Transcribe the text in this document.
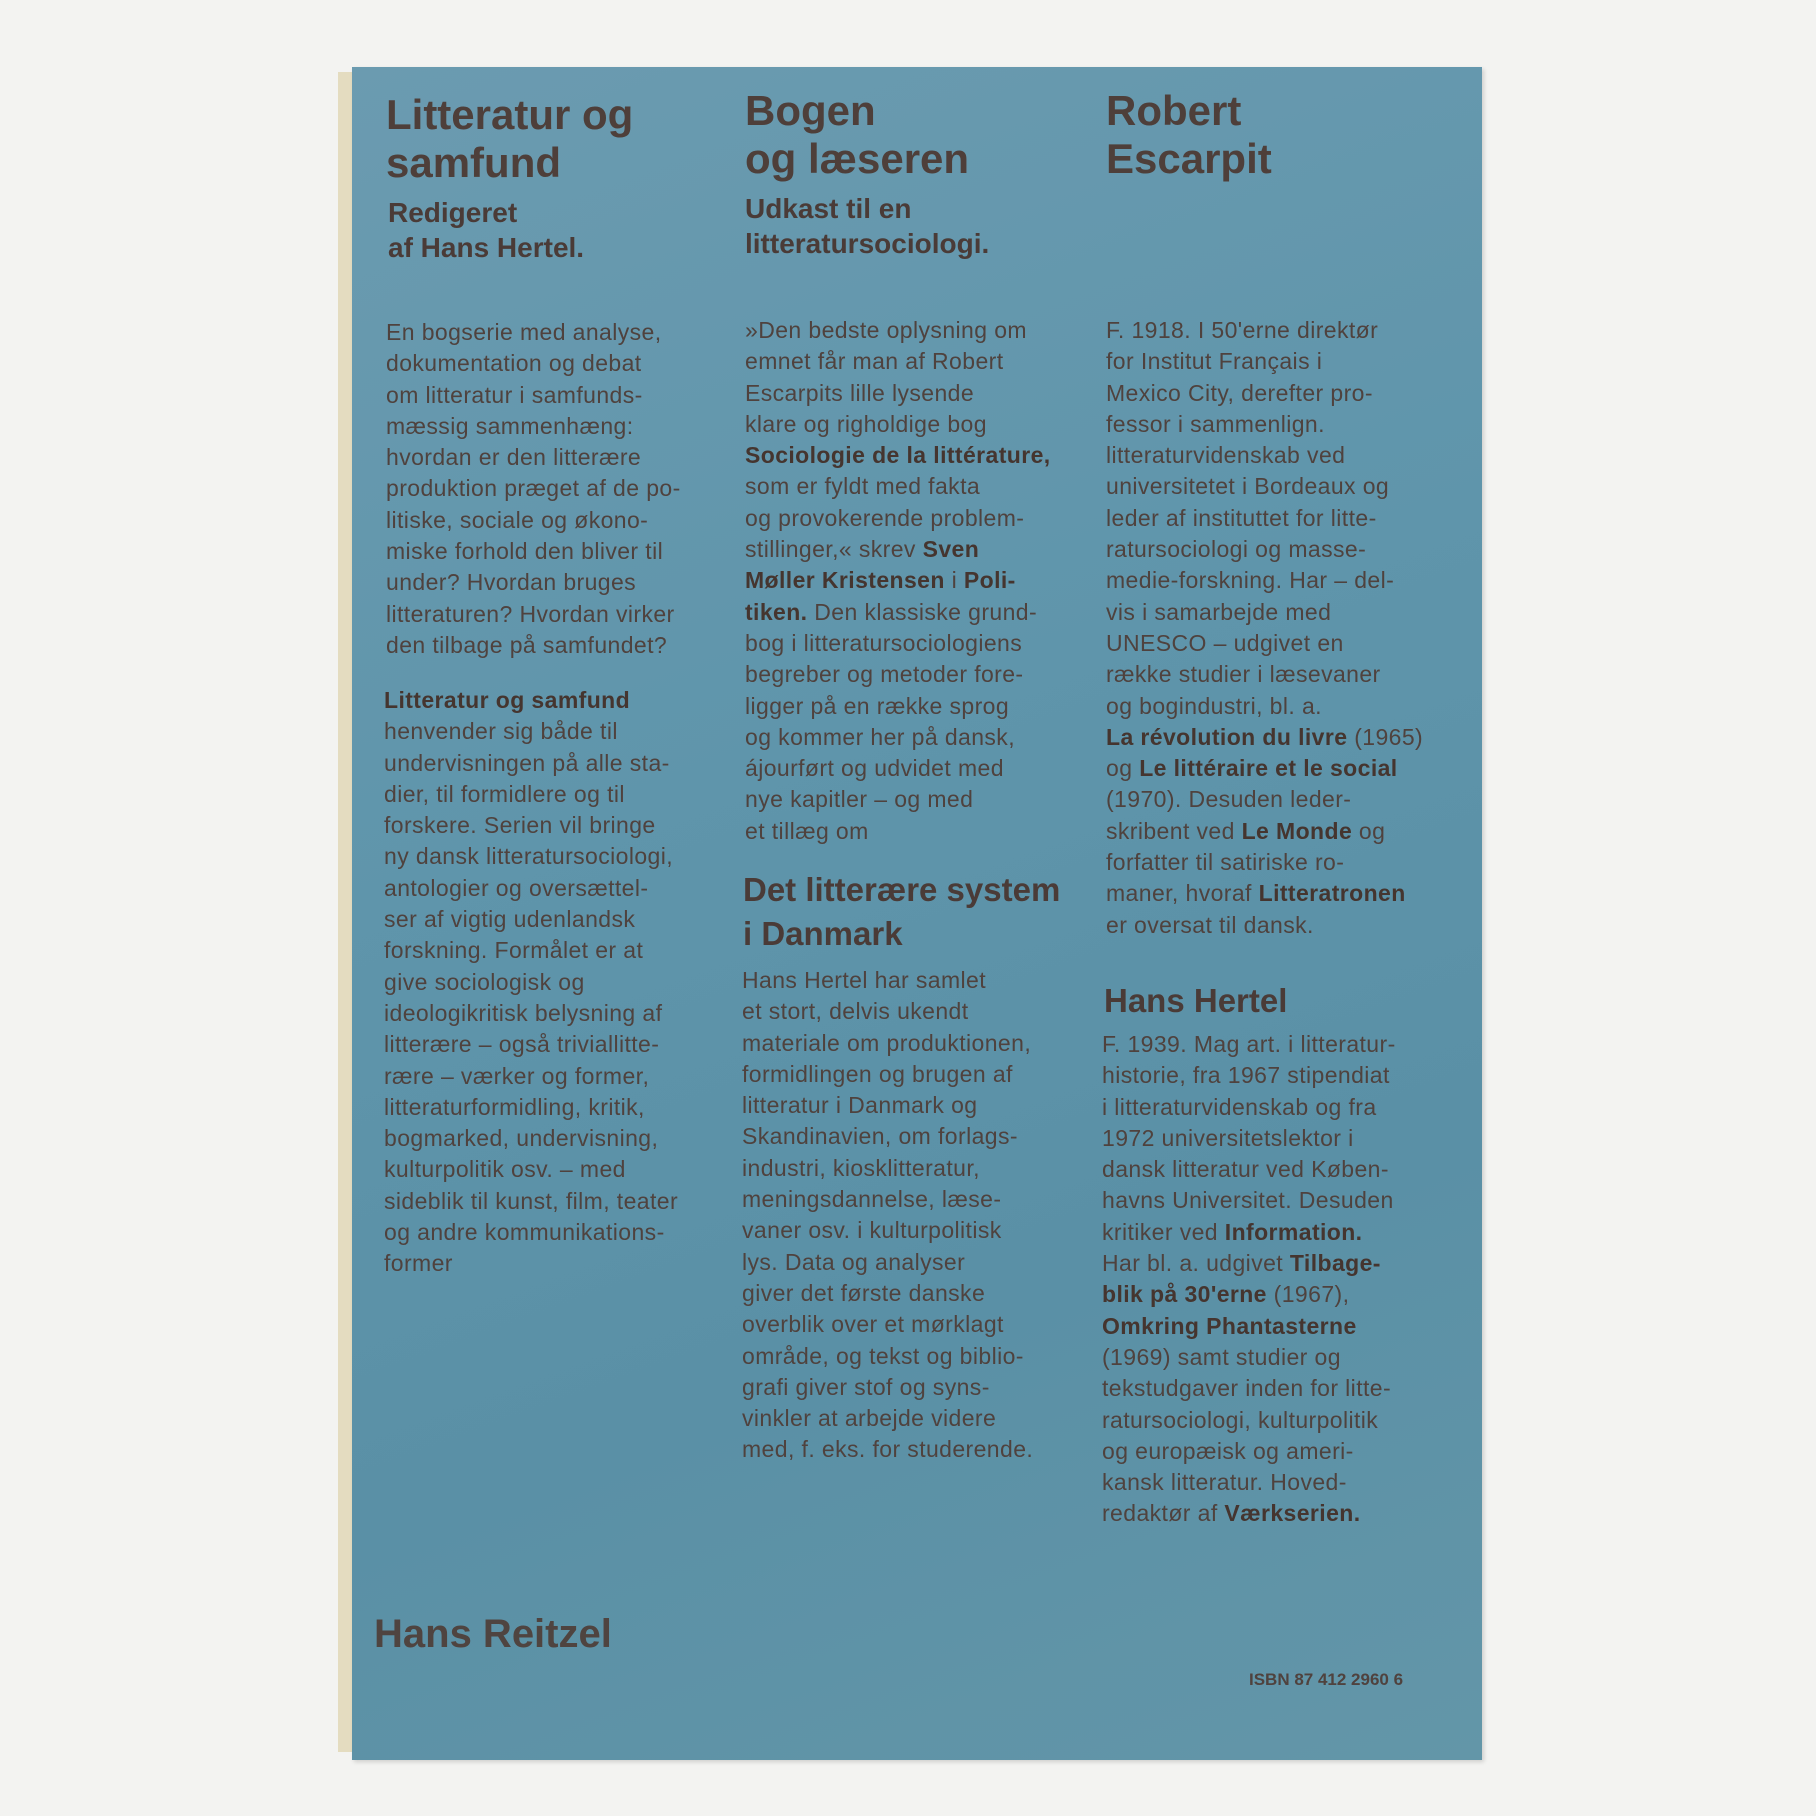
Litteratur og
samfund
Redigeret
af Hans Hertel.
En bogserie med analyse,
dokumentation og debat
om litteratur i samfunds-
mæssig sammenhæng:
hvordan er den litterære
produktion præget af de po-
litiske, sociale og økono-
miske forhold den bliver til
under? Hvordan bruges
litteraturen? Hvordan virker
den tilbage på samfundet?
Litteratur og samfund
henvender sig både til
undervisningen på alle sta-
dier, til formidlere og til
forskere. Serien vil bringe
ny dansk litteratursociologi,
antologier og oversættel-
ser af vigtig udenlandsk
forskning. Formålet er at
give sociologisk og
ideologikritisk belysning af
litterære – også triviallitte-
rære – værker og former,
litteraturformidling, kritik,
bogmarked, undervisning,
kulturpolitik osv. – med
sideblik til kunst, film, teater
og andre kommunikations-
former
Bogen
og læseren
Udkast til en
litteratursociologi.
»Den bedste oplysning om
emnet får man af Robert
Escarpits lille lysende
klare og righoldige bog
Sociologie de la littérature,
som er fyldt med fakta
og provokerende problem-
stillinger,« skrev Sven
Møller Kristensen i Poli-
tiken. Den klassiske grund-
bog i litteratursociologiens
begreber og metoder fore-
ligger på en række sprog
og kommer her på dansk,
ájourført og udvidet med
nye kapitler – og med
et tillæg om
Det litterære system
i Danmark
Hans Hertel har samlet
et stort, delvis ukendt
materiale om produktionen,
formidlingen og brugen af
litteratur i Danmark og
Skandinavien, om forlags-
industri, kiosklitteratur,
meningsdannelse, læse-
vaner osv. i kulturpolitisk
lys. Data og analyser
giver det første danske
overblik over et mørklagt
område, og tekst og biblio-
grafi giver stof og syns-
vinkler at arbejde videre
med, f. eks. for studerende.
Robert
Escarpit
F. 1918. I 50'erne direktør
for Institut Français i
Mexico City, derefter pro-
fessor i sammenlign.
litteraturvidenskab ved
universitetet i Bordeaux og
leder af instituttet for litte-
ratursociologi og masse-
medie-forskning. Har – del-
vis i samarbejde med
UNESCO – udgivet en
række studier i læsevaner
og bogindustri, bl. a.
La révolution du livre (1965)
og Le littéraire et le social
(1970). Desuden leder-
skribent ved Le Monde og
forfatter til satiriske ro-
maner, hvoraf Litteratronen
er oversat til dansk.
Hans Hertel
F. 1939. Mag art. i litteratur-
historie, fra 1967 stipendiat
i litteraturvidenskab og fra
1972 universitetslektor i
dansk litteratur ved Køben-
havns Universitet. Desuden
kritiker ved Information.
Har bl. a. udgivet Tilbage-
blik på 30'erne (1967),
Omkring Phantasterne
(1969) samt studier og
tekstudgaver inden for litte-
ratursociologi, kulturpolitik
og europæisk og ameri-
kansk litteratur. Hoved-
redaktør af Værkserien.
Hans Reitzel
ISBN 87 412 2960 6
